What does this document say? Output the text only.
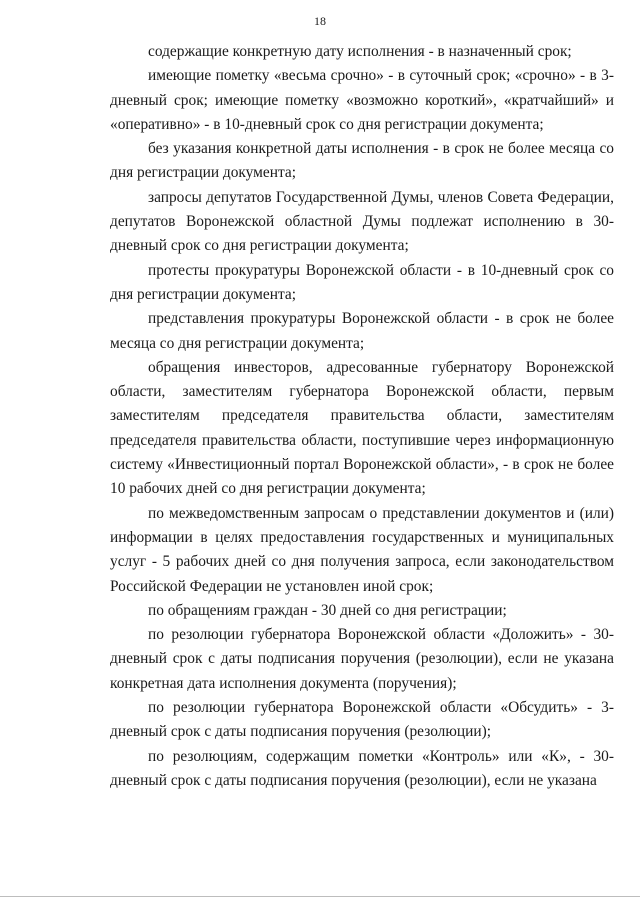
18

содержащие конкретную дату исполнения - в назначенный срок;

имеющие пометку «весьма срочно» - в суточный срок; «срочно» - в 3-дневный срок; имеющие пометку «возможно короткий», «кратчайший» и «оперативно» - в 10-дневный срок со дня регистрации документа;

без указания конкретной даты исполнения - в срок не более месяца со дня регистрации документа;

запросы депутатов Государственной Думы, членов Совета Федерации, депутатов Воронежской областной Думы подлежат исполнению в 30-дневный срок со дня регистрации документа;

протесты прокуратуры Воронежской области - в 10-дневный срок со дня регистрации документа;

представления прокуратуры Воронежской области - в срок не более месяца со дня регистрации документа;

обращения инвесторов, адресованные губернатору Воронежской области, заместителям губернатора Воронежской области, первым заместителям председателя правительства области, заместителям председателя правительства области, поступившие через информационную систему «Инвестиционный портал Воронежской области», - в срок не более 10 рабочих дней со дня регистрации документа;

по межведомственным запросам о представлении документов и (или) информации в целях предоставления государственных и муниципальных услуг - 5 рабочих дней со дня получения запроса, если законодательством Российской Федерации не установлен иной срок;

по обращениям граждан - 30 дней со дня регистрации;

по резолюции губернатора Воронежской области «Доложить» - 30-дневный срок с даты подписания поручения (резолюции), если не указана конкретная дата исполнения документа (поручения);

по резолюции губернатора Воронежской области «Обсудить» - 3-дневный срок с даты подписания поручения (резолюции);

по резолюциям, содержащим пометки «Контроль» или «К», - 30-дневный срок с даты подписания поручения (резолюции), если не указана
